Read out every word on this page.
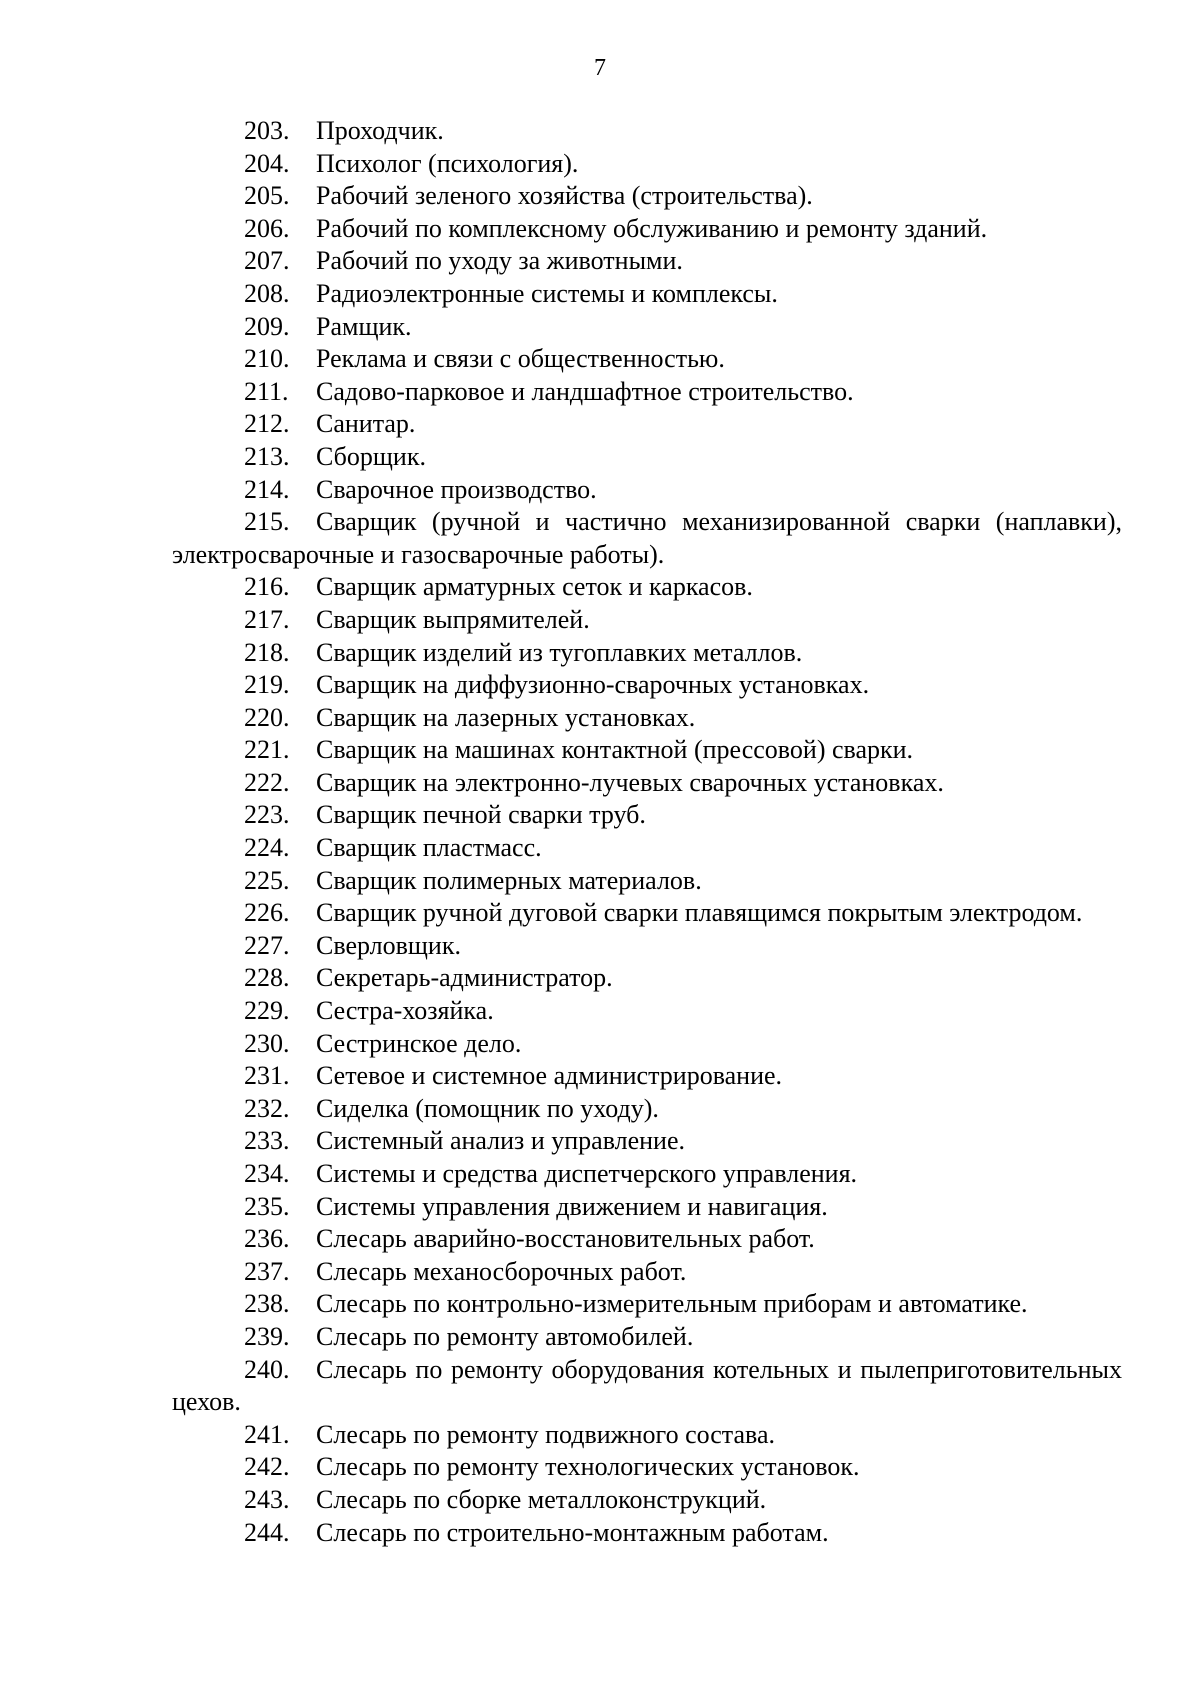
7
203. Проходчик.
204. Психолог (психология).
205. Рабочий зеленого хозяйства (строительства).
206. Рабочий по комплексному обслуживанию и ремонту зданий.
207. Рабочий по уходу за животными.
208. Радиоэлектронные системы и комплексы.
209. Рамщик.
210. Реклама и связи с общественностью.
211. Садово-парковое и ландшафтное строительство.
212. Санитар.
213. Сборщик.
214. Сварочное производство.
215. Сварщик (ручной и частично механизированной сварки (наплавки), электросварочные и газосварочные работы).
216. Сварщик арматурных сеток и каркасов.
217. Сварщик выпрямителей.
218. Сварщик изделий из тугоплавких металлов.
219. Сварщик на диффузионно-сварочных установках.
220. Сварщик на лазерных установках.
221. Сварщик на машинах контактной (прессовой) сварки.
222. Сварщик на электронно-лучевых сварочных установках.
223. Сварщик печной сварки труб.
224. Сварщик пластмасс.
225. Сварщик полимерных материалов.
226. Сварщик ручной дуговой сварки плавящимся покрытым электродом.
227. Сверловщик.
228. Секретарь-администратор.
229. Сестра-хозяйка.
230. Сестринское дело.
231. Сетевое и системное администрирование.
232. Сиделка (помощник по уходу).
233. Системный анализ и управление.
234. Системы и средства диспетчерского управления.
235. Системы управления движением и навигация.
236. Слесарь аварийно-восстановительных работ.
237. Слесарь механосборочных работ.
238. Слесарь по контрольно-измерительным приборам и автоматике.
239. Слесарь по ремонту автомобилей.
240. Слесарь по ремонту оборудования котельных и пылеприготовительных цехов.
241. Слесарь по ремонту подвижного состава.
242. Слесарь по ремонту технологических установок.
243. Слесарь по сборке металлоконструкций.
244. Слесарь по строительно-монтажным работам.
